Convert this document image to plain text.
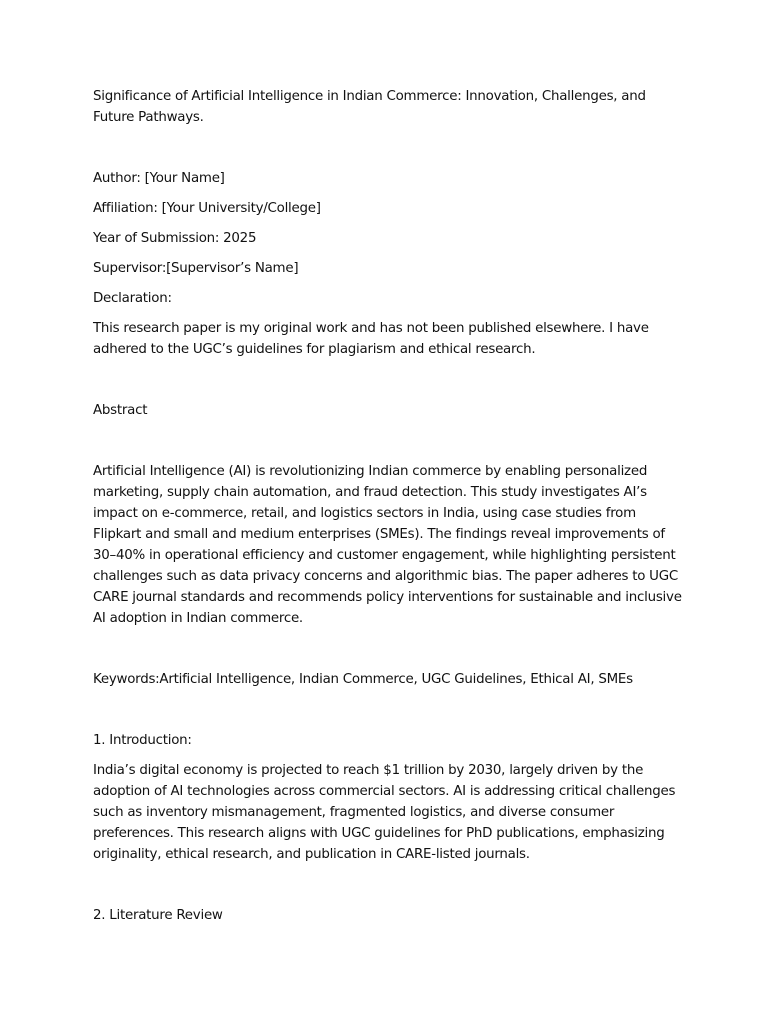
Significance of Artificial Intelligence in Indian Commerce: Innovation, Challenges, and Future Pathways.

Author: [Your Name]

Affiliation: [Your University/College]

Year of Submission: 2025

Supervisor:[Supervisor’s Name]

Declaration:

This research paper is my original work and has not been published elsewhere. I have adhered to the UGC’s guidelines for plagiarism and ethical research.

Abstract

Artificial Intelligence (AI) is revolutionizing Indian commerce by enabling personalized marketing, supply chain automation, and fraud detection. This study investigates AI’s impact on e-commerce, retail, and logistics sectors in India, using case studies from Flipkart and small and medium enterprises (SMEs). The findings reveal improvements of 30–40% in operational efficiency and customer engagement, while highlighting persistent challenges such as data privacy concerns and algorithmic bias. The paper adheres to UGC CARE journal standards and recommends policy interventions for sustainable and inclusive AI adoption in Indian commerce.

Keywords:Artificial Intelligence, Indian Commerce, UGC Guidelines, Ethical AI, SMEs

1. Introduction:

India’s digital economy is projected to reach $1 trillion by 2030, largely driven by the adoption of AI technologies across commercial sectors. AI is addressing critical challenges such as inventory mismanagement, fragmented logistics, and diverse consumer preferences. This research aligns with UGC guidelines for PhD publications, emphasizing originality, ethical research, and publication in CARE-listed journals.

2. Literature Review
